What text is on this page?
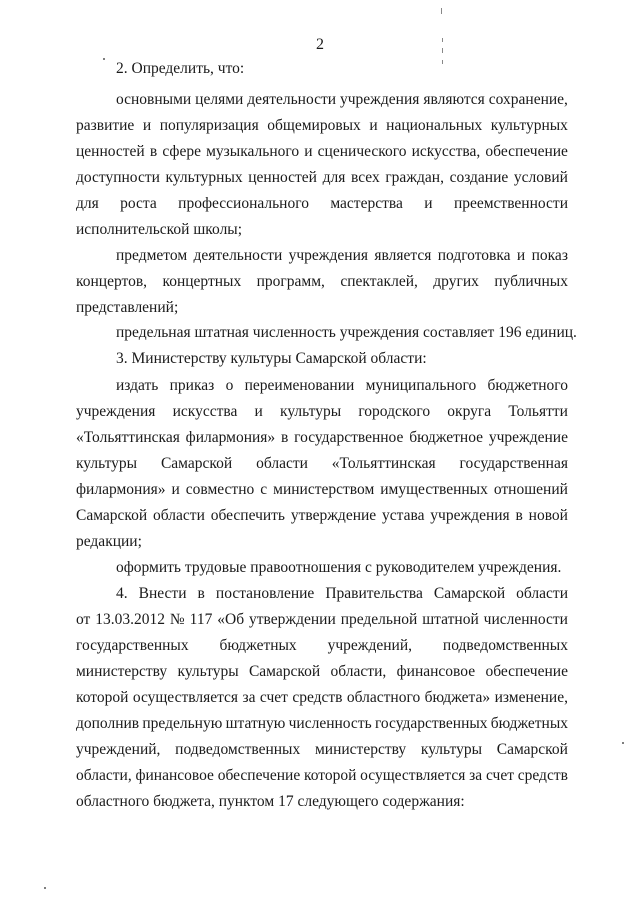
2
2. Определить, что:
основными целями деятельности учреждения являются сохранение,
развитие и популяризация общемировых и национальных культурных
ценностей в сфере музыкального и сценического искусства, обеспечение
доступности культурных ценностей для всех граждан, создание условий
для роста профессионального мастерства и преемственности
исполнительской школы;
предметом деятельности учреждения является подготовка и показ
концертов, концертных программ, спектаклей, других публичных
представлений;
предельная штатная численность учреждения составляет 196 единиц.
3. Министерству культуры Самарской области:
издать приказ о переименовании муниципального бюджетного
учреждения искусства и культуры городского округа Тольятти
«Тольяттинская филармония» в государственное бюджетное учреждение
культуры Самарской области «Тольяттинская государственная
филармония» и совместно с министерством имущественных отношений
Самарской области обеспечить утверждение устава учреждения в новой
редакции;
оформить трудовые правоотношения с руководителем учреждения.
4. Внести в постановление Правительства Самарской области
от 13.03.2012 № 117 «Об утверждении предельной штатной численности
государственных бюджетных учреждений, подведомственных
министерству культуры Самарской области, финансовое обеспечение
которой осуществляется за счет средств областного бюджета» изменение,
дополнив предельную штатную численность государственных бюджетных
учреждений, подведомственных министерству культуры Самарской
области, финансовое обеспечение которой осуществляется за счет средств
областного бюджета, пунктом 17 следующего содержания:
